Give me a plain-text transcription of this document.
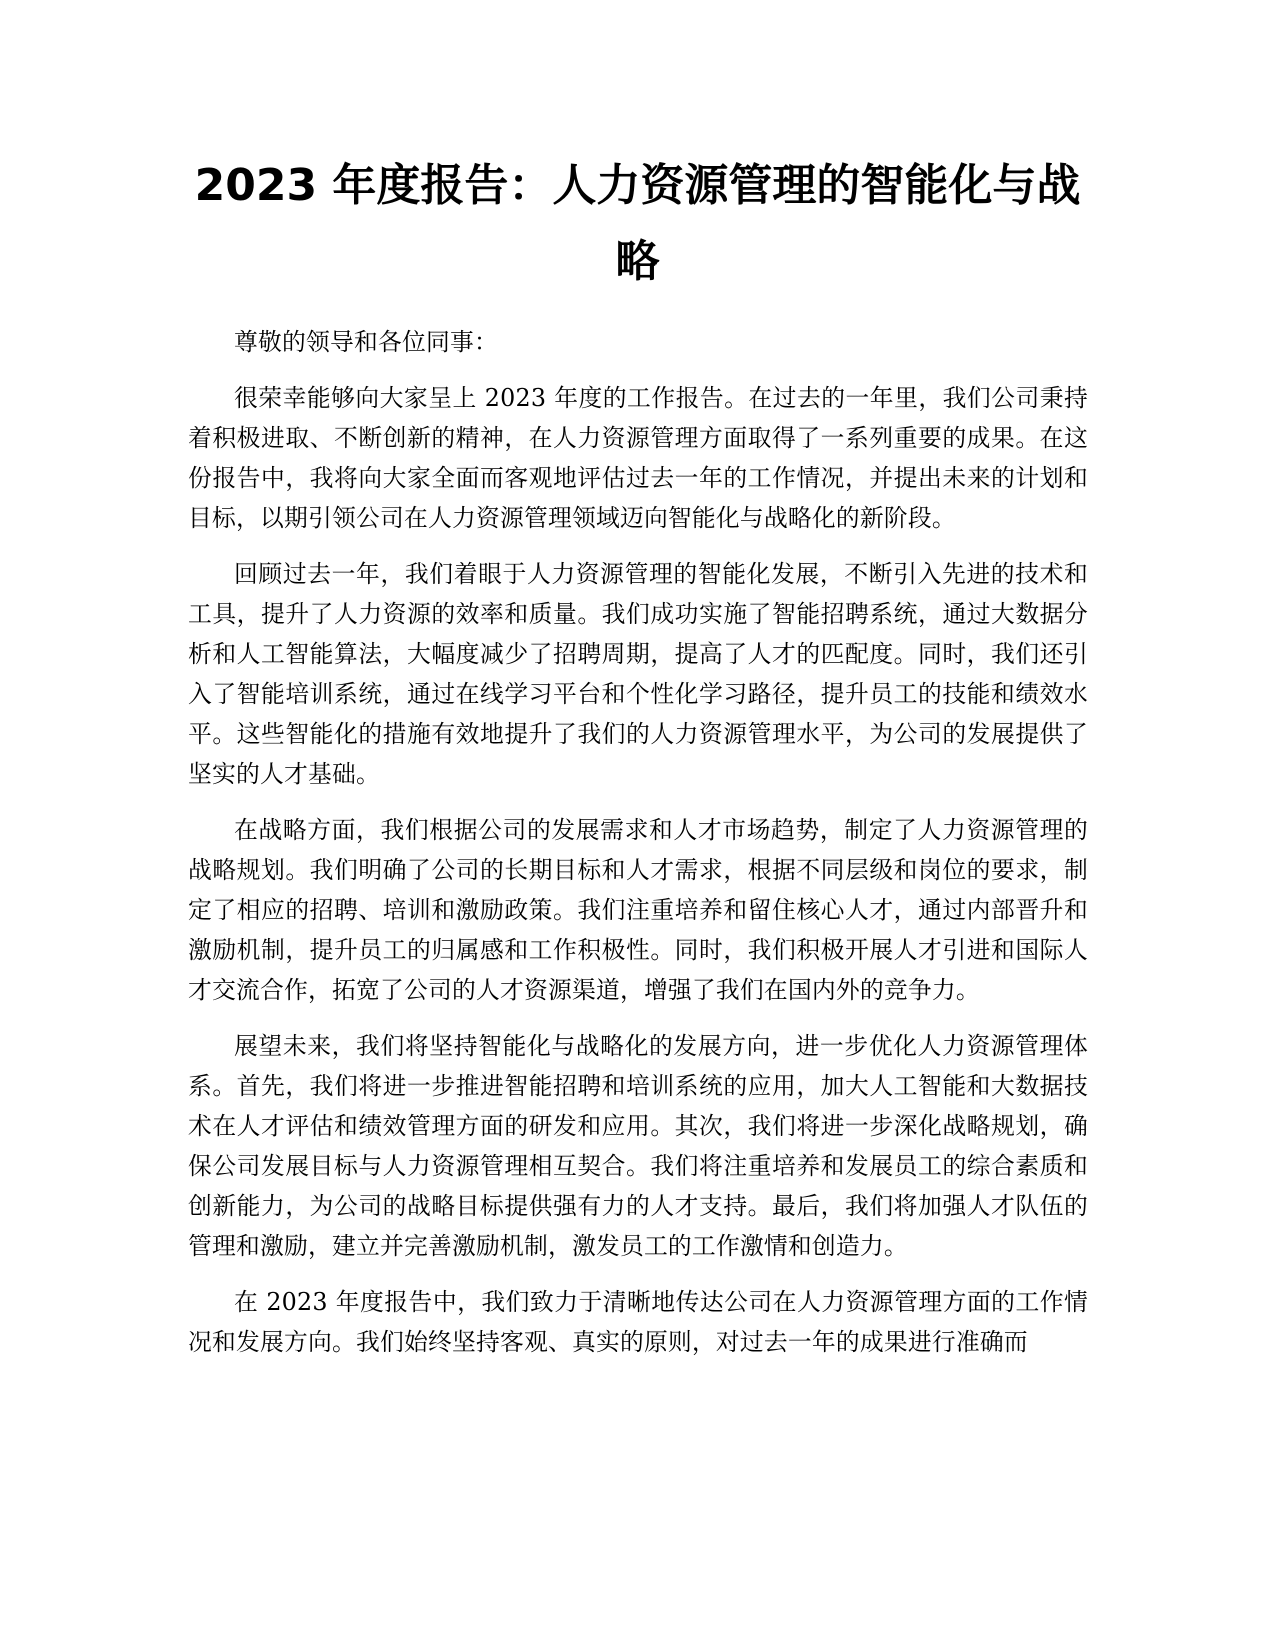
2023 年度报告：人力资源管理的智能化与战
略

尊敬的领导和各位同事：

很荣幸能够向大家呈上 2023 年度的工作报告。在过去的一年里，我们公司秉持着积极进取、不断创新的精神，在人力资源管理方面取得了一系列重要的成果。在这份报告中，我将向大家全面而客观地评估过去一年的工作情况，并提出未来的计划和目标，以期引领公司在人力资源管理领域迈向智能化与战略化的新阶段。

回顾过去一年，我们着眼于人力资源管理的智能化发展，不断引入先进的技术和工具，提升了人力资源的效率和质量。我们成功实施了智能招聘系统，通过大数据分析和人工智能算法，大幅度减少了招聘周期，提高了人才的匹配度。同时，我们还引入了智能培训系统，通过在线学习平台和个性化学习路径，提升员工的技能和绩效水平。这些智能化的措施有效地提升了我们的人力资源管理水平，为公司的发展提供了坚实的人才基础。

在战略方面，我们根据公司的发展需求和人才市场趋势，制定了人力资源管理的战略规划。我们明确了公司的长期目标和人才需求，根据不同层级和岗位的要求，制定了相应的招聘、培训和激励政策。我们注重培养和留住核心人才，通过内部晋升和激励机制，提升员工的归属感和工作积极性。同时，我们积极开展人才引进和国际人才交流合作，拓宽了公司的人才资源渠道，增强了我们在国内外的竞争力。

展望未来，我们将坚持智能化与战略化的发展方向，进一步优化人力资源管理体系。首先，我们将进一步推进智能招聘和培训系统的应用，加大人工智能和大数据技术在人才评估和绩效管理方面的研发和应用。其次，我们将进一步深化战略规划，确保公司发展目标与人力资源管理相互契合。我们将注重培养和发展员工的综合素质和创新能力，为公司的战略目标提供强有力的人才支持。最后，我们将加强人才队伍的管理和激励，建立并完善激励机制，激发员工的工作激情和创造力。

在 2023 年度报告中，我们致力于清晰地传达公司在人力资源管理方面的工作情况和发展方向。我们始终坚持客观、真实的原则，对过去一年的成果进行准确而
